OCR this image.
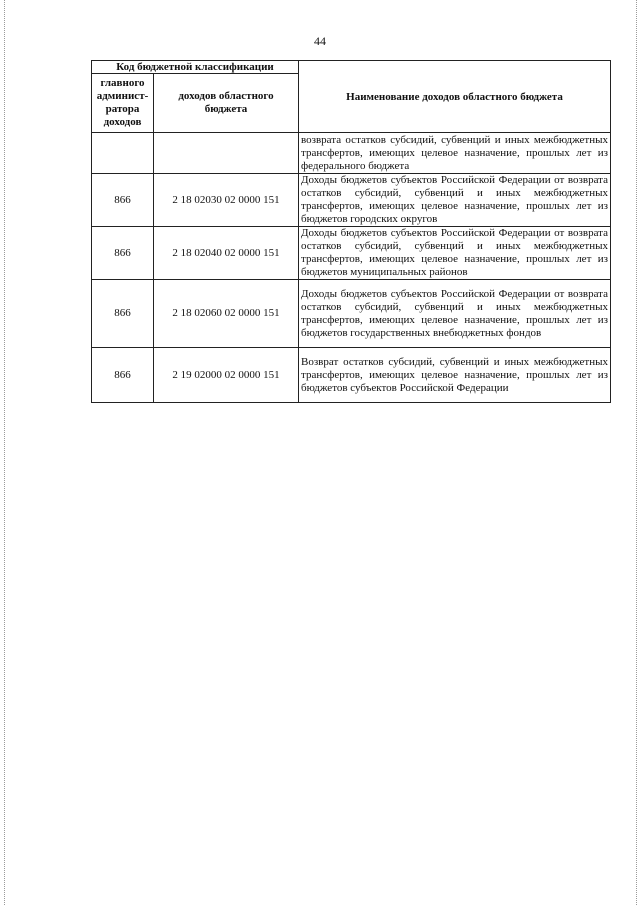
44
Код бюджетной классификации		Наименование доходов областного бюджета
главного админист-ратора доходов	доходов областного бюджета	
		возврата остатков субсидий, субвенций и иных межбюджетных трансфертов, имеющих целевое назначение, прошлых лет из федерального бюджета
866	2 18 02030 02 0000 151	Доходы бюджетов субъектов Российской Федерации от возврата остатков субсидий, субвенций и иных межбюджетных трансфертов, имеющих целевое назначение, прошлых лет из бюджетов городских округов
866	2 18 02040 02 0000 151	Доходы бюджетов субъектов Российской Федерации от возврата остатков субсидий, субвенций и иных межбюджетных трансфертов, имеющих целевое назначение, прошлых лет из бюджетов муниципальных районов
866	2 18 02060 02 0000 151	Доходы бюджетов субъектов Российской Федерации от возврата остатков субсидий, субвенций и иных межбюджетных трансфертов, имеющих целевое назначение, прошлых лет из бюджетов государственных внебюджетных фондов
866	2 19 02000 02 0000 151	Возврат остатков субсидий, субвенций и иных межбюджетных трансфертов, имеющих целевое назначение, прошлых лет из бюджетов субъектов Российской Федерации
